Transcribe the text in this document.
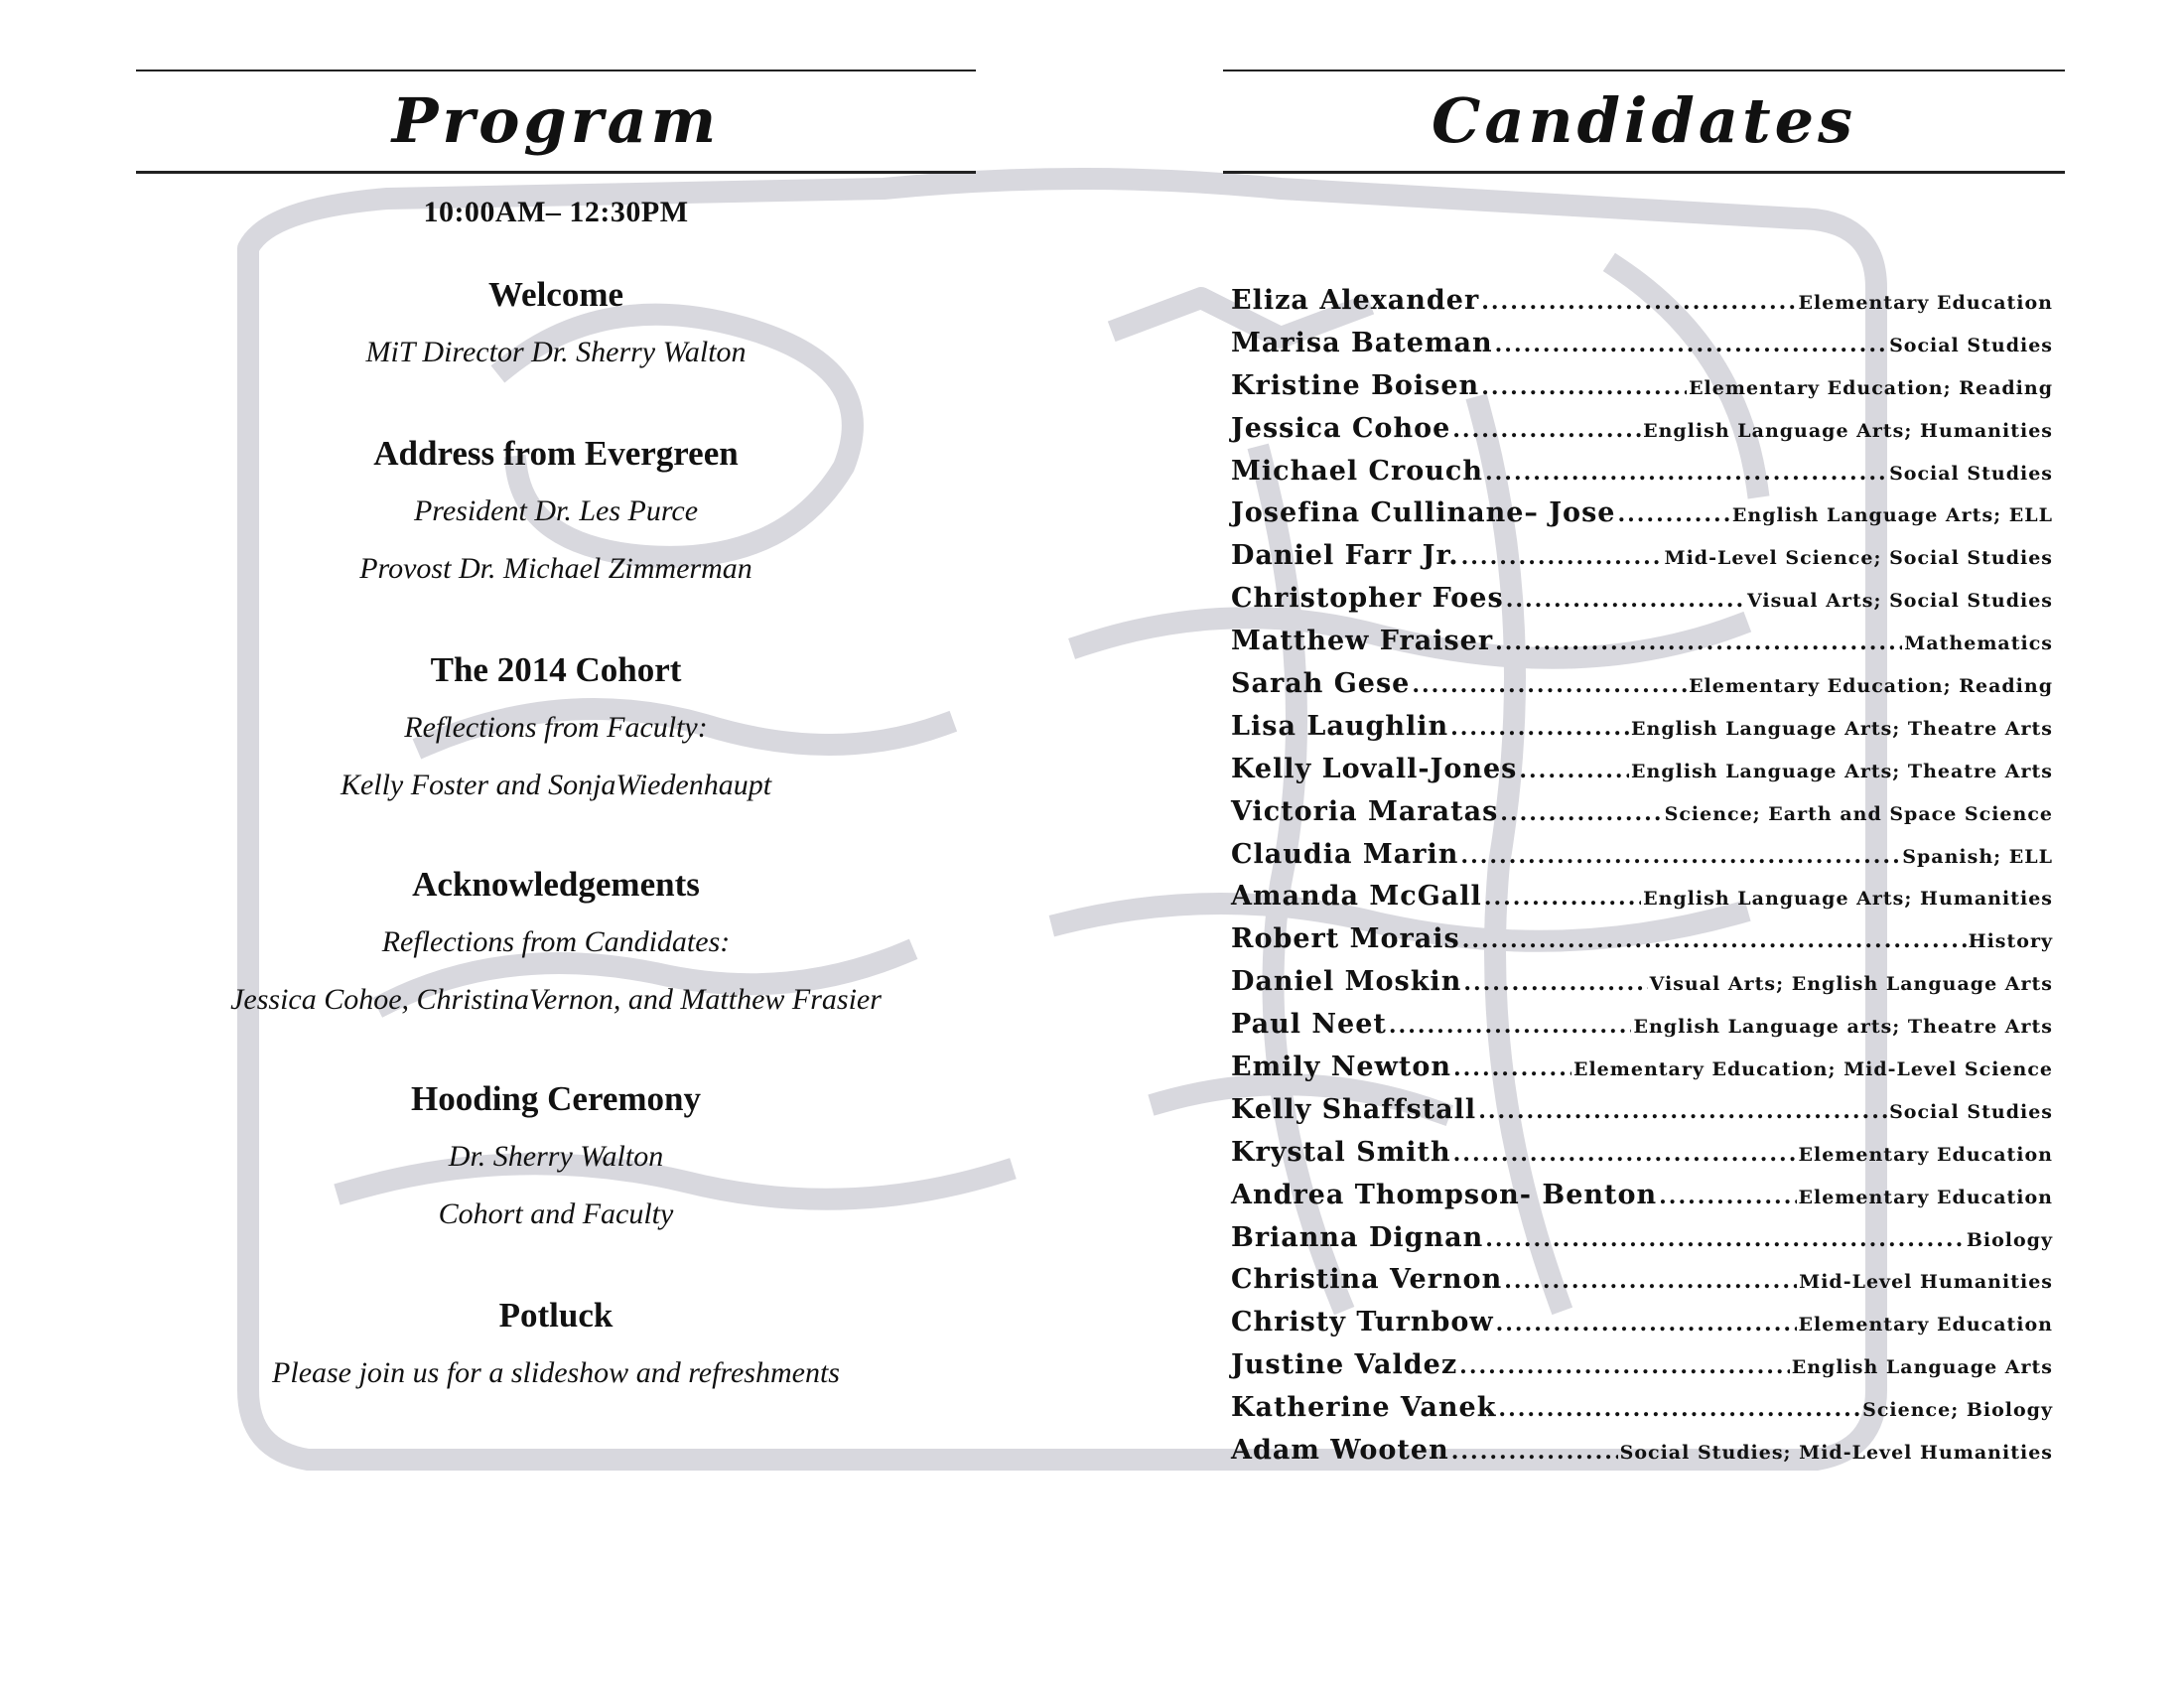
Program
10:00AM– 12:30PM
Welcome
MiT Director Dr. Sherry Walton
Address from Evergreen
President Dr. Les Purce
Provost Dr. Michael Zimmerman
The 2014 Cohort
Reflections from Faculty:
Kelly Foster and SonjaWiedenhaupt
Acknowledgements
Reflections from Candidates:
Jessica Cohoe, ChristinaVernon, and Matthew Frasier
Hooding Ceremony
Dr. Sherry Walton
Cohort and Faculty
Potluck
Please join us for a slideshow and refreshments
Candidates
Eliza Alexander .....	Elementary Education
Marisa Bateman .....	Social Studies
Kristine Boisen .....	Elementary Education; Reading
Jessica Cohoe .....	English Language Arts; Humanities
Michael Crouch .....	Social Studies
Josefina Cullinane– Jose .....	English Language Arts; ELL
Daniel Farr Jr. .....	Mid-Level Science; Social Studies
Christopher Foes .....	Visual Arts; Social Studies
Matthew Fraiser .....	Mathematics
Sarah Gese .....	Elementary Education; Reading
Lisa Laughlin .....	English Language Arts; Theatre Arts
Kelly Lovall-Jones .....	English Language Arts; Theatre Arts
Victoria Maratas .....	Science; Earth and Space Science
Claudia Marin .....	Spanish; ELL
Amanda McGall .....	English Language Arts; Humanities
Robert Morais .....	History
Daniel Moskin .....	Visual Arts; English Language Arts
Paul Neet .....	English Language arts; Theatre Arts
Emily Newton .....	Elementary Education; Mid-Level Science
Kelly Shaffstall .....	Social Studies
Krystal Smith .....	Elementary Education
Andrea Thompson- Benton .....	Elementary Education
Brianna Dignan .....	Biology
Christina Vernon .....	Mid-Level Humanities
Christy Turnbow .....	Elementary Education
Justine Valdez .....	English Language Arts
Katherine Vanek .....	Science; Biology
Adam Wooten .....	Social Studies; Mid-Level Humanities
